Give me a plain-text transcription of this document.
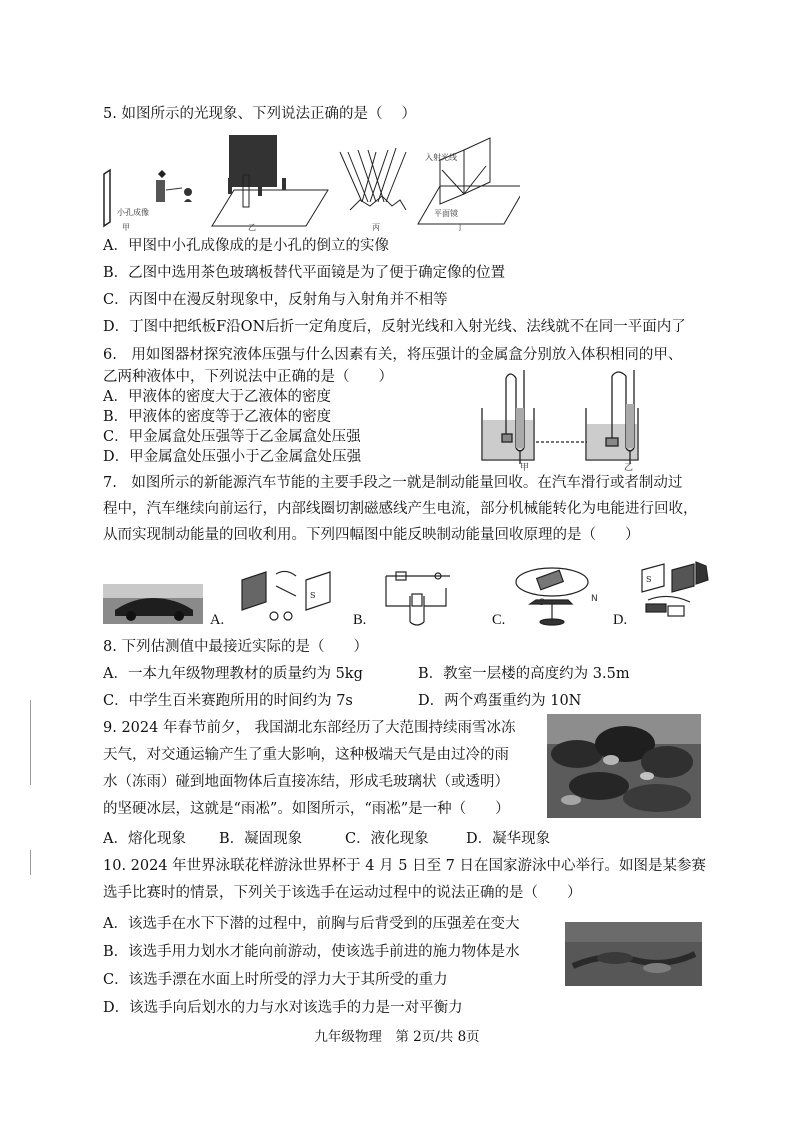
5. 如图所示的光现象、下列说法正确的是（　 ）
小孔成像
甲	乙	丙
入射光线
平面镜
丁
A．甲图中小孔成像成的是小孔的倒立的实像
B．乙图中选用茶色玻璃板替代平面镜是为了便于确定像的位置
C．丙图中在漫反射现象中，反射角与入射角并不相等
D．丁图中把纸板F沿ON后折一定角度后，反射光线和入射光线、法线就不在同一平面内了
6.　用如图器材探究液体压强与什么因素有关，将压强计的金属盒分别放入体积相同的甲、
乙两种液体中，下列说法中正确的是（　　）
A．甲液体的密度大于乙液体的密度
B．甲液体的密度等于乙液体的密度
C．甲金属盒处压强等于乙金属盒处压强
D．甲金属盒处压强小于乙金属盒处压强
甲	乙
7.　如图所示的新能源汽车节能的主要手段之一就是制动能量回收。在汽车滑行或者制动过
程中，汽车继续向前运行，内部线圈切割磁感线产生电流，部分机械能转化为电能进行回收，
从而实现制动能量的回收利用。下列四幅图中能反映制动能量回收原理的是（　　）
A.
S
B.	C.
S	N
D.
S
8. 下列估测值中最接近实际的是（　　）
A．一本九年级物理教材的质量约为 5kg	B．教室一层楼的高度约为 3.5m
C．中学生百米赛跑所用的时间约为 7s	D．两个鸡蛋重约为 10N
9. 2024 年春节前夕， 我国湖北东部经历了大范围持续雨雪冰冻
天气，对交通运输产生了重大影响，这种极端天气是由过冷的雨
水（冻雨）碰到地面物体后直接冻结，形成毛玻璃状（或透明）
的坚硬冰层，这就是“雨凇”。如图所示，“雨凇”是一种（　　）
A．熔化现象 B．凝固现象	C．液化现象	D．凝华现象
10. 2024 年世界泳联花样游泳世界杯于 4 月 5 日至 7 日在国家游泳中心举行。如图是某参赛
选手比赛时的情景，下列关于该选手在运动过程中的说法正确的是（　　）
A．该选手在水下下潜的过程中，前胸与后背受到的压强差在变大
B．该选手用力划水才能向前游动，使该选手前进的施力物体是水
C．该选手漂在水面上时所受的浮力大于其所受的重力
D．该选手向后划水的力与水对该选手的力是一对平衡力
九年级物理　 第 2页/共 8页
